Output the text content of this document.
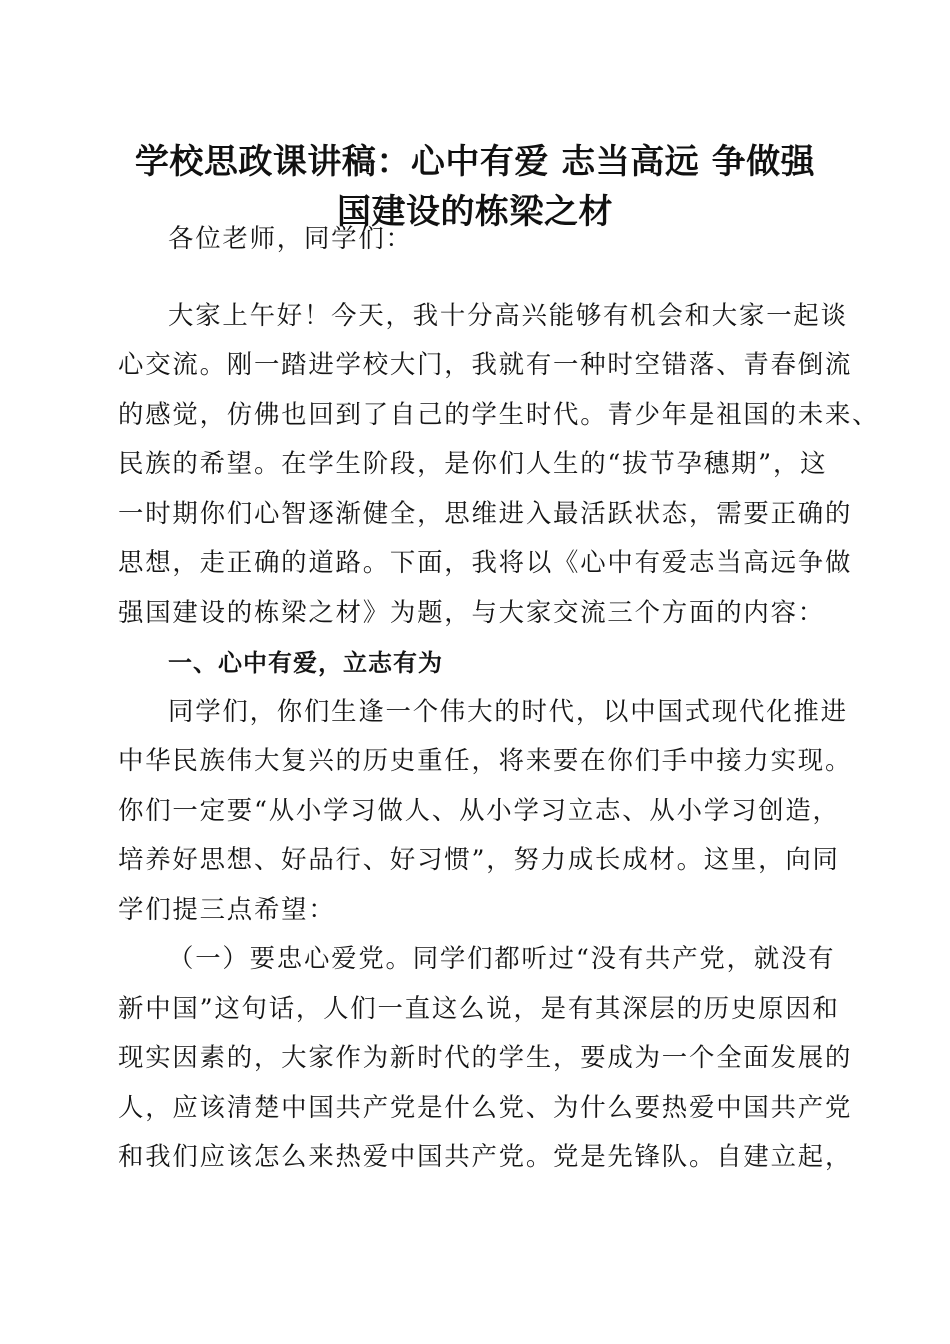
学校思政课讲稿：心中有爱 志当高远 争做强
国建设的栋梁之材
各位老师，同学们：
大家上午好！今天，我十分高兴能够有机会和大家一起谈
心交流。刚一踏进学校大门，我就有一种时空错落、青春倒流
的感觉，仿佛也回到了自己的学生时代。青少年是祖国的未来、
民族的希望。在学生阶段，是你们人生的“拔节孕穗期”，这
一时期你们心智逐渐健全，思维进入最活跃状态，需要正确的
思想，走正确的道路。下面，我将以《心中有爱志当高远争做
强国建设的栋梁之材》为题，与大家交流三个方面的内容：
一、心中有爱，立志有为
同学们，你们生逢一个伟大的时代，以中国式现代化推进
中华民族伟大复兴的历史重任，将来要在你们手中接力实现。
你们一定要“从小学习做人、从小学习立志、从小学习创造，
培养好思想、好品行、好习惯”，努力成长成材。这里，向同
学们提三点希望：
（一）要忠心爱党。同学们都听过“没有共产党，就没有
新中国”这句话，人们一直这么说，是有其深层的历史原因和
现实因素的，大家作为新时代的学生，要成为一个全面发展的
人，应该清楚中国共产党是什么党、为什么要热爱中国共产党
和我们应该怎么来热爱中国共产党。党是先锋队。自建立起，
